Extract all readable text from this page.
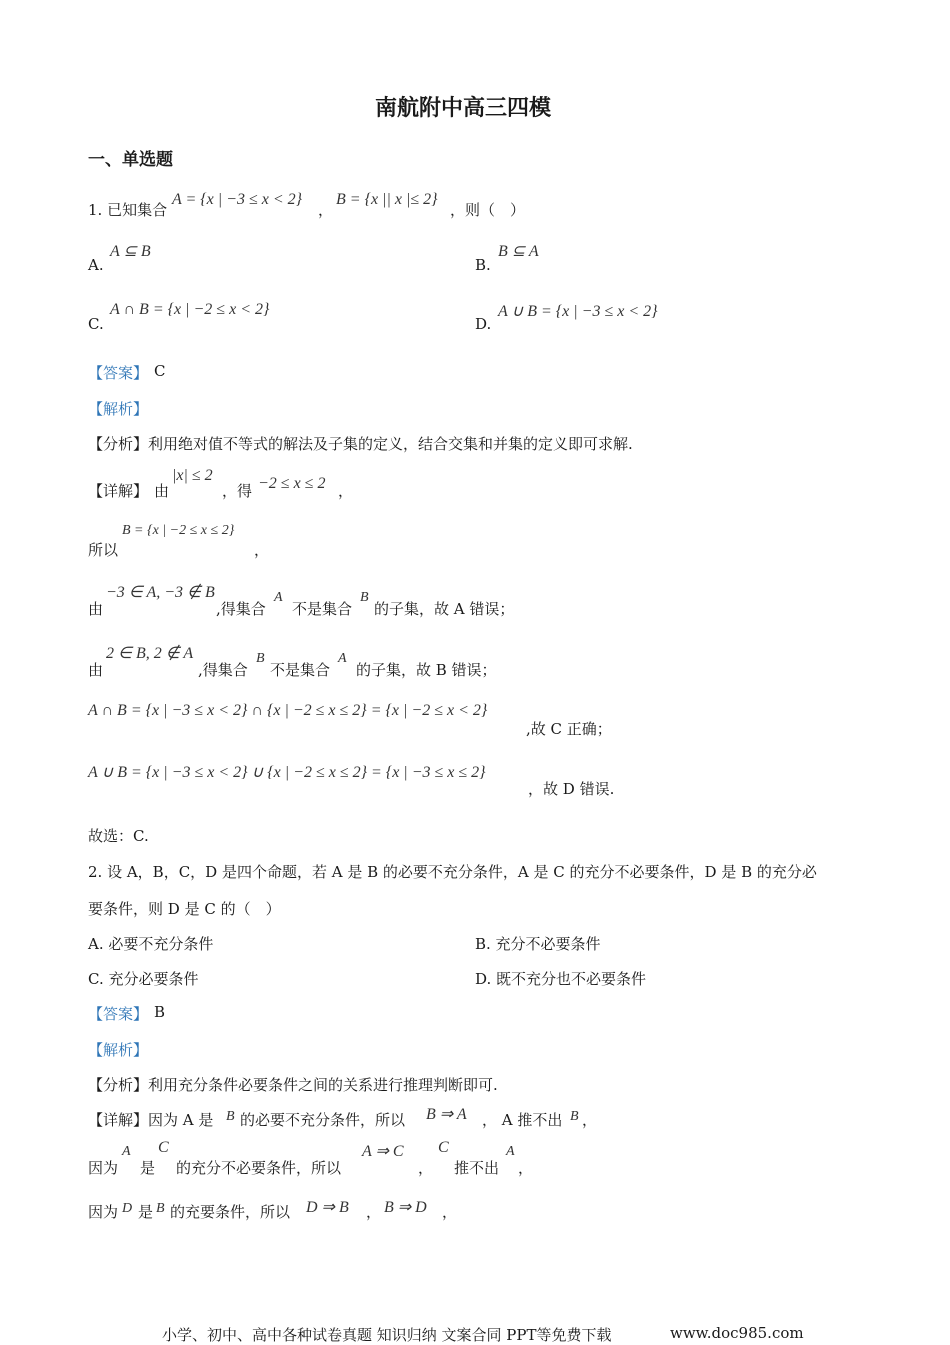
南航附中高三四模
一、单选题
1. 已知集合
A = {x | −3 ≤ x < 2}
，
B = {x || x |≤ 2}
，则（　）
A.
A ⊆ B
B.
B ⊆ A
C.
A ∩ B = {x | −2 ≤ x < 2}
D.
A ∪ B = {x | −3 ≤ x < 2}
【答案】 C
【解析】
【分析】利用绝对值不等式的解法及子集的定义，结合交集和并集的定义即可求解.
【详解】 由
|x| ≤ 2
，得 −2 ≤ x ≤ 2 ，
所以
B = {x | −2 ≤ x ≤ 2}
，
由
−3 ∈ A, −3 ∉ B
,得集合
A
不是集合
B
的子集，故 A 错误；
由
2 ∈ B, 2 ∉ A
,得集合
B
不是集合
A
的子集，故 B 错误；
A ∩ B = {x | −3 ≤ x < 2} ∩ {x | −2 ≤ x ≤ 2} = {x | −2 ≤ x < 2}
,故 C 正确；
A ∪ B = {x | −3 ≤ x < 2} ∪ {x | −2 ≤ x ≤ 2} = {x | −3 ≤ x ≤ 2}
，故 D 错误.
故选：C.
2. 设 A，B，C，D 是四个命题，若 A 是 B 的必要不充分条件，A 是 C 的充分不必要条件，D 是 B 的充分必
要条件，则 D 是 C 的（　）
A. 必要不充分条件	B. 充分不必要条件
C. 充分必要条件	D. 既不充分也不必要条件
【答案】 B
【解析】
【分析】利用充分条件必要条件之间的关系进行推理判断即可.
【详解】因为 A 是 B 的必要不充分条件，所以 B ⇒ A ， A 推不出 B ，
因为
A
是
C
的充分不必要条件，所以
A ⇒ C
，
C
推不出
A
，
因为 D 是 B 的充要条件，所以 D ⇒ B ， B ⇒ D ，
小学、初中、高中各种试卷真题 知识归纳 文案合同 PPT等免费下载	www.doc985.com
